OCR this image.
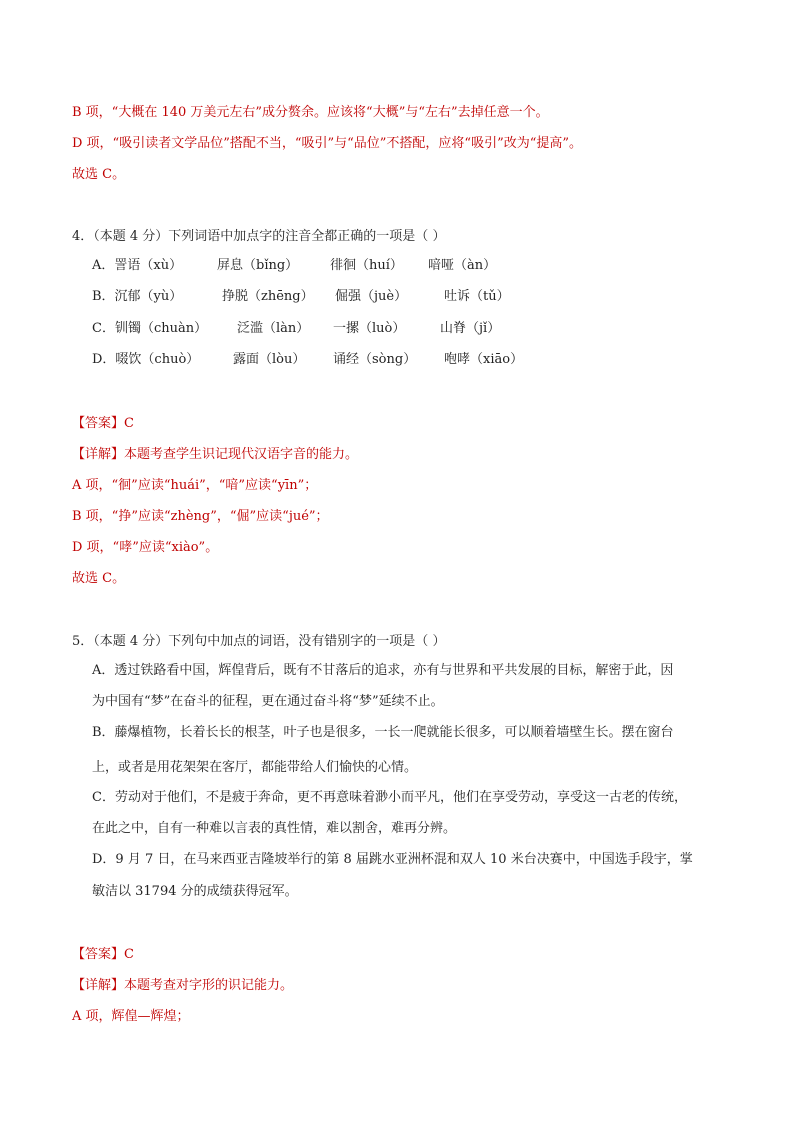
B 项，“大概在 140 万美元左右”成分赘余。应该将“大概”与“左右”去掉任意一个。
D 项，“吸引读者文学品位”搭配不当，“吸引”与“品位”不搭配，应将“吸引”改为“提高”。
故选 C。
4．（本题 4 分）下列词语中加点字的注音全都正确的一项是（ ）
A．詈语（xù）	屏息（bǐng） 徘徊（huí） 喑哑（àn）
B．沉郁（yù）	挣脱（zhēng） 倔强（juè）	吐诉（tǔ）
C．钏镯（chuàn） 泛滥（làn） 一摞（luò）	山脊（jǐ）
D．啜饮（chuò）	露面（lòu） 诵经（sòng） 咆哮（xiāo）
【答案】C
【详解】本题考查学生识记现代汉语字音的能力。
A 项，“徊”应读“huái”，“喑”应读“yīn”；
B 项，“挣”应读“zhèng”，“倔”应读“jué”；
D 项，“哮”应读“xiào”。
故选 C。
5．（本题 4 分）下列句中加点的词语，没有错别字的一项是（ ）
A．透过铁路看中国，辉偟背后，既有不甘落后的追求，亦有与世界和平共发展的目标，解密于此，因
为中国有“梦”在奋斗的征程，更在通过奋斗将“梦”延续不止。
B．藤爆植物，长着长长的根茎，叶子也是很多，一长一爬就能长很多，可以顺着墙壁生长。摆在窗台
上，或者是用花架架在客厅，都能带给人们愉快的心情。
C．劳动对于他们，不是疲于奔命，更不再意味着渺小而平凡，他们在享受劳动，享受这一古老的传统，
在此之中，自有一种难以言表的真性情，难以割舍，难再分辨。
D．9 月 7 日，在马来西亚吉隆坡举行的第 8 届跳水亚洲杯混和双人 10 米台决赛中，中国选手段宇，掌
敏洁以 31794 分的成绩获得冠军。
【答案】C
【详解】本题考查对字形的识记能力。
A 项，辉偟—辉煌；
